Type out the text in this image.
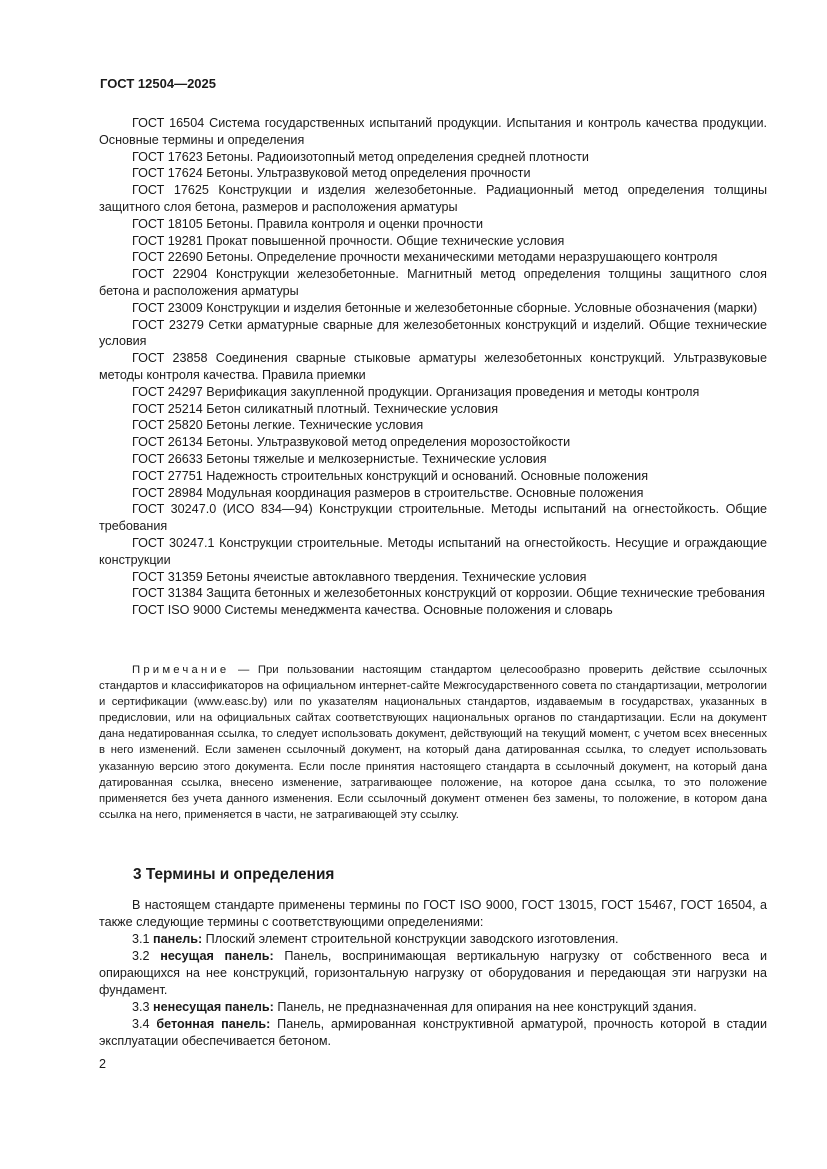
ГОСТ 12504—2025

ГОСТ 16504 Система государственных испытаний продукции. Испытания и контроль качества продукции. Основные термины и определения

ГОСТ 17623 Бетоны. Радиоизотопный метод определения средней плотности

ГОСТ 17624 Бетоны. Ультразвуковой метод определения прочности

ГОСТ 17625 Конструкции и изделия железобетонные. Радиационный метод определения толщины защитного слоя бетона, размеров и расположения арматуры

ГОСТ 18105 Бетоны. Правила контроля и оценки прочности

ГОСТ 19281 Прокат повышенной прочности. Общие технические условия

ГОСТ 22690 Бетоны. Определение прочности механическими методами неразрушающего контроля

ГОСТ 22904 Конструкции железобетонные. Магнитный метод определения толщины защитного слоя бетона и расположения арматуры

ГОСТ 23009 Конструкции и изделия бетонные и железобетонные сборные. Условные обозначения (марки)

ГОСТ 23279 Сетки арматурные сварные для железобетонных конструкций и изделий. Общие технические условия

ГОСТ 23858 Соединения сварные стыковые арматуры железобетонных конструкций. Ультразвуковые методы контроля качества. Правила приемки

ГОСТ 24297 Верификация закупленной продукции. Организация проведения и методы контроля

ГОСТ 25214 Бетон силикатный плотный. Технические условия

ГОСТ 25820 Бетоны легкие. Технические условия

ГОСТ 26134 Бетоны. Ультразвуковой метод определения морозостойкости

ГОСТ 26633 Бетоны тяжелые и мелкозернистые. Технические условия

ГОСТ 27751 Надежность строительных конструкций и оснований. Основные положения

ГОСТ 28984 Модульная координация размеров в строительстве. Основные положения

ГОСТ 30247.0 (ИСО 834—94) Конструкции строительные. Методы испытаний на огнестойкость. Общие требования

ГОСТ 30247.1 Конструкции строительные. Методы испытаний на огнестойкость. Несущие и ограждающие конструкции

ГОСТ 31359 Бетоны ячеистые автоклавного твердения. Технические условия

ГОСТ 31384 Защита бетонных и железобетонных конструкций от коррозии. Общие технические требования

ГОСТ ISO 9000 Системы менеджмента качества. Основные положения и словарь

Примечание — При пользовании настоящим стандартом целесообразно проверить действие ссылочных стандартов и классификаторов на официальном интернет-сайте Межгосударственного совета по стандартизации, метрологии и сертификации (www.easc.by) или по указателям национальных стандартов, издаваемым в государствах, указанных в предисловии, или на официальных сайтах соответствующих национальных органов по стандартизации. Если на документ дана недатированная ссылка, то следует использовать документ, действующий на текущий момент, с учетом всех внесенных в него изменений. Если заменен ссылочный документ, на который дана датированная ссылка, то следует использовать указанную версию этого документа. Если после принятия настоящего стандарта в ссылочный документ, на который дана датированная ссылка, внесено изменение, затрагивающее положение, на которое дана ссылка, то это положение применяется без учета данного изменения. Если ссылочный документ отменен без замены, то положение, в котором дана ссылка на него, применяется в части, не затрагивающей эту ссылку.

3 Термины и определения

В настоящем стандарте применены термины по ГОСТ ISO 9000, ГОСТ 13015, ГОСТ 15467, ГОСТ 16504, а также следующие термины с соответствующими определениями:

3.1 панель: Плоский элемент строительной конструкции заводского изготовления.

3.2 несущая панель: Панель, воспринимающая вертикальную нагрузку от собственного веса и опирающихся на нее конструкций, горизонтальную нагрузку от оборудования и передающая эти нагрузки на фундамент.

3.3 ненесущая панель: Панель, не предназначенная для опирания на нее конструкций здания.

3.4 бетонная панель: Панель, армированная конструктивной арматурой, прочность которой в стадии эксплуатации обеспечивается бетоном.

2
